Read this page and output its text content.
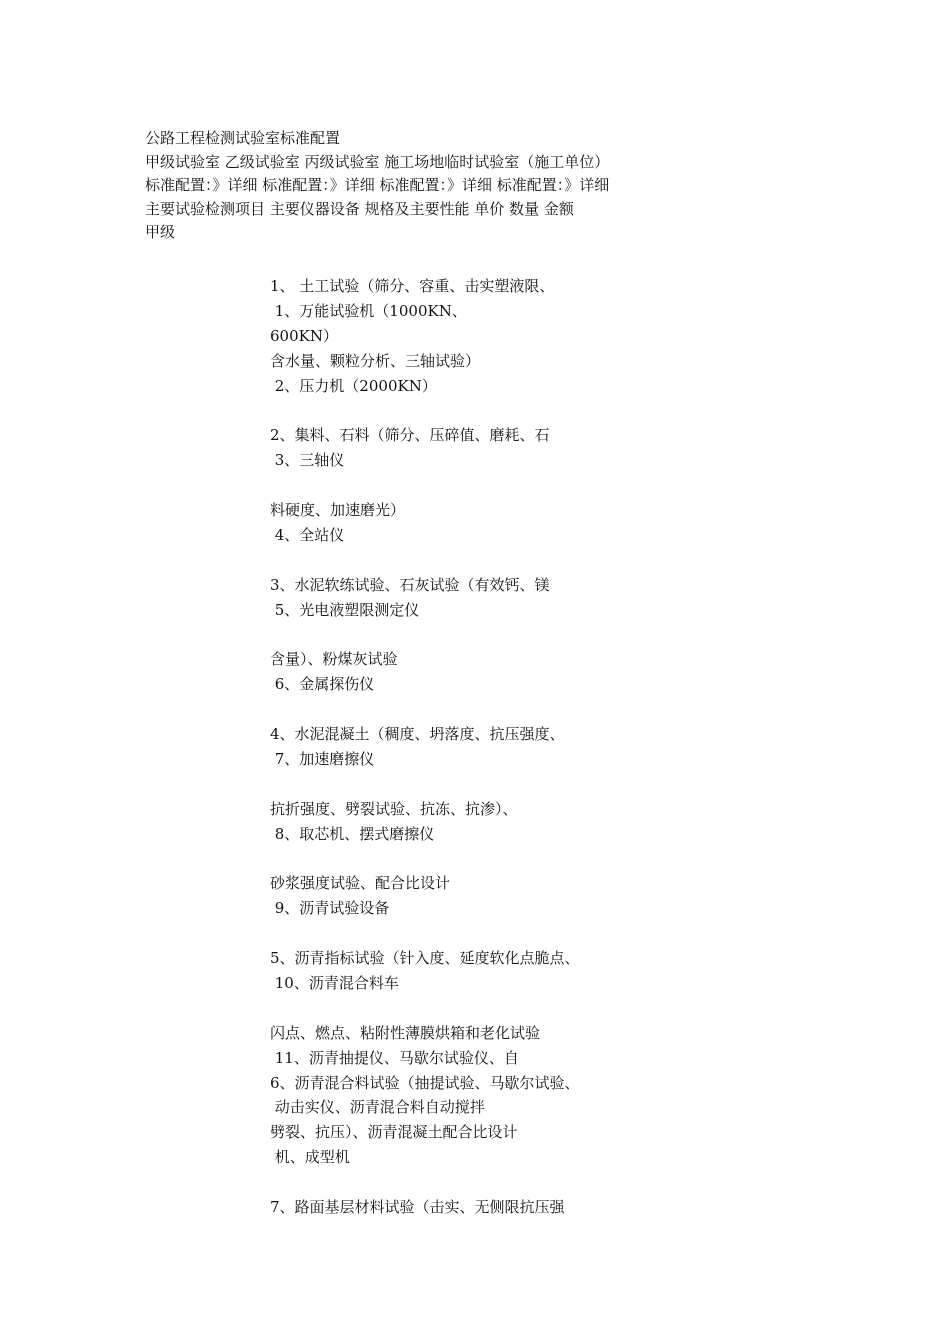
公路工程检测试验室标准配置
甲级试验室 乙级试验室 丙级试验室 施工场地临时试验室（施工单位）
标准配置：》详细 标准配置：》详细 标准配置：》详细 标准配置：》详细
主要试验检测项目 主要仪器设备 规格及主要性能 单价 数量 金额
甲级
1、 土工试验（筛分、容重、击实塑液限、
1、万能试验机（1000KN、
600KN）
含水量、颗粒分析、三轴试验）
2、压力机（2000KN）
2、集料、石料（筛分、压碎值、磨耗、石
3、三轴仪
料硬度、加速磨光）
4、全站仪
3、水泥软练试验、石灰试验（有效钙、镁
5、光电液塑限测定仪
含量）、粉煤灰试验
6、金属探伤仪
4、水泥混凝土（稠度、坍落度、抗压强度、
7、加速磨擦仪
抗折强度、劈裂试验、抗冻、抗渗）、
8、取芯机、摆式磨擦仪
砂浆强度试验、配合比设计
9、沥青试验设备
5、沥青指标试验（针入度、延度软化点脆点、
10、沥青混合料车
闪点、燃点、粘附性薄膜烘箱和老化试验
11、沥青抽提仪、马歇尔试验仪、自
6、沥青混合料试验（抽提试验、马歇尔试验、
动击实仪、沥青混合料自动搅拌
劈裂、抗压）、沥青混凝土配合比设计
机、成型机
7、路面基层材料试验（击实、无侧限抗压强
